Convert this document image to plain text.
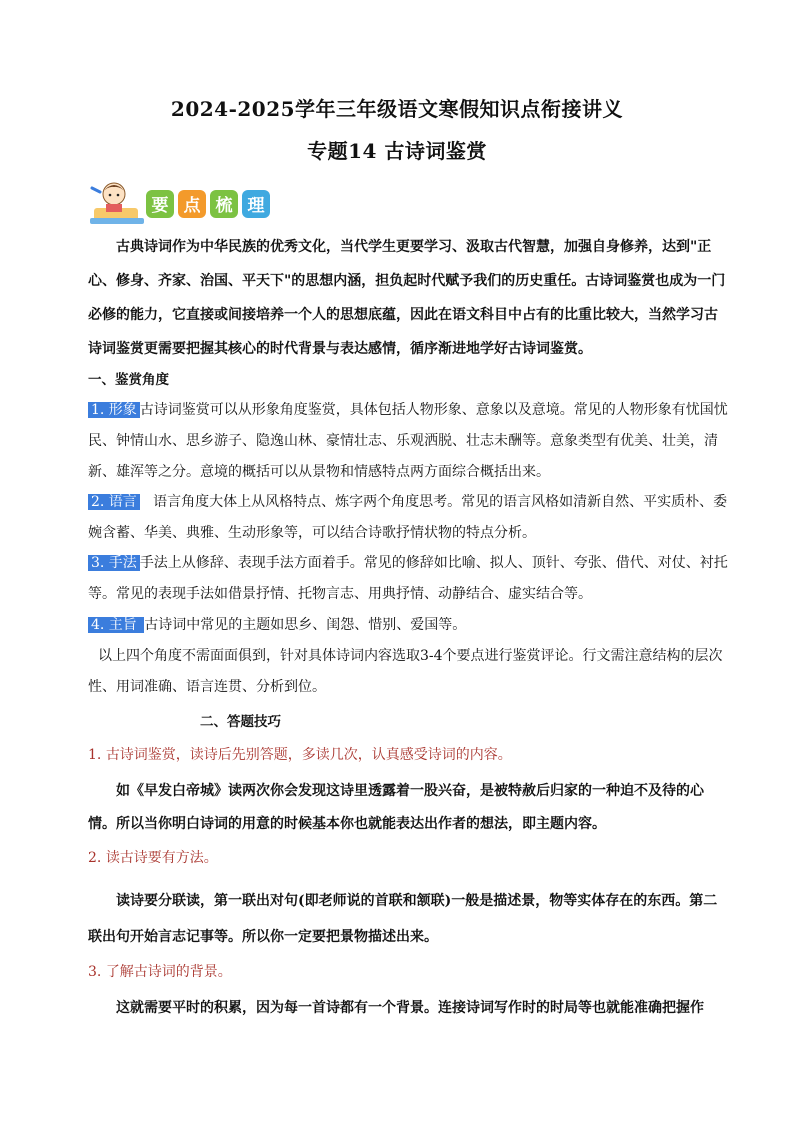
2024-2025学年三年级语文寒假知识点衔接讲义
专题14 古诗词鉴赏
要 点 梳 理

古典诗词作为中华民族的优秀文化，当代学生更要学习、汲取古代智慧，加强自身修养，达到"正心、修身、齐家、治国、平天下"的思想内涵，担负起时代赋予我们的历史重任。古诗词鉴赏也成为一门必修的能力，它直接或间接培养一个人的思想底蕴，因此在语文科目中占有的比重比较大，当然学习古诗词鉴赏更需要把握其核心的时代背景与表达感情，循序渐进地学好古诗词鉴赏。

一、鉴赏角度

1. 形象 古诗词鉴赏可以从形象角度鉴赏，具体包括人物形象、意象以及意境。常见的人物形象有忧国忧民、钟情山水、思乡游子、隐逸山林、豪情壮志、乐观洒脱、壮志未酬等。意象类型有优美、壮美，清新、雄浑等之分。意境的概括可以从景物和情感特点两方面综合概括出来。

2. 语言   语言角度大体上从风格特点、炼字两个角度思考。常见的语言风格如清新自然、平实质朴、委婉含蓄、华美、典雅、生动形象等，可以结合诗歌抒情状物的特点分析。

3. 手法 手法上从修辞、表现手法方面着手。常见的修辞如比喻、拟人、顶针、夸张、借代、对仗、衬托等。常见的表现手法如借景抒情、托物言志、用典抒情、动静结合、虚实结合等。

4. 主旨 古诗词中常见的主题如思乡、闺怨、惜别、爱国等。

以上四个角度不需面面俱到，针对具体诗词内容选取3-4个要点进行鉴赏评论。行文需注意结构的层次性、用词准确、语言连贯、分析到位。

二、答题技巧

1. 古诗词鉴赏，读诗后先别答题，多读几次，认真感受诗词的内容。

如《早发白帝城》读两次你会发现这诗里透露着一股兴奋，是被特赦后归家的一种迫不及待的心情。所以当你明白诗词的用意的时候基本你也就能表达出作者的想法，即主题内容。

2. 读古诗要有方法。

读诗要分联读，第一联出对句(即老师说的首联和颔联)一般是描述景，物等实体存在的东西。第二联出句开始言志记事等。所以你一定要把景物描述出来。

3. 了解古诗词的背景。

这就需要平时的积累，因为每一首诗都有一个背景。连接诗词写作时的时局等也就能准确把握作
